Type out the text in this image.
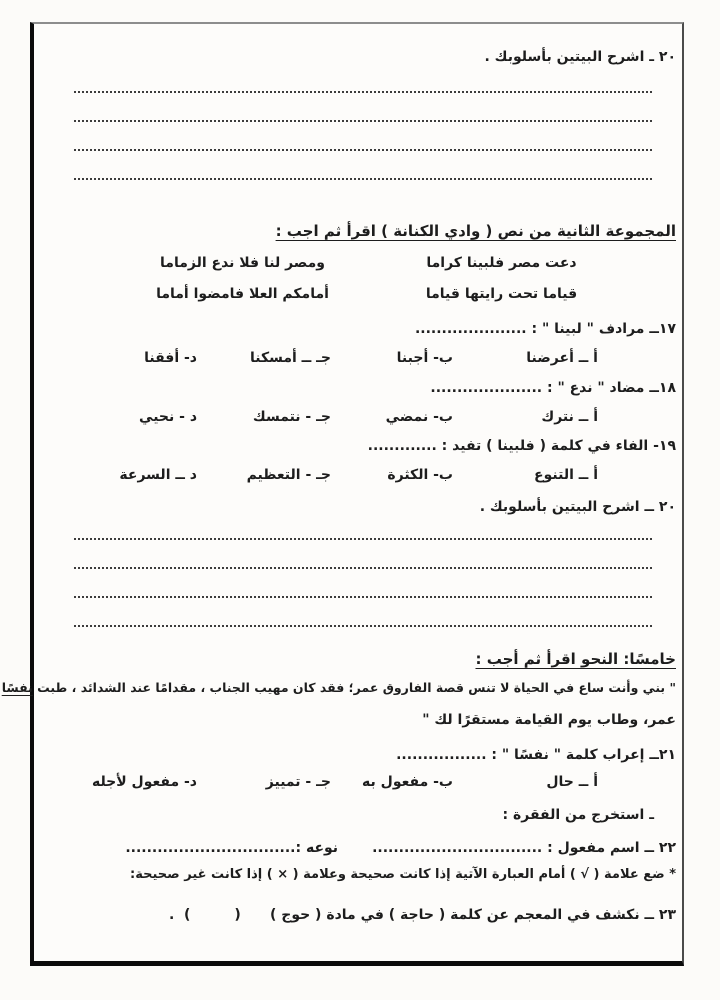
٢٠ ـ اشرح البيتين بأسلوبك .
المجموعة الثانية من نص ( وادي الكنانة ) اقرأ ثم اجب :
دعت مصر فلبينا كراما
ومصر لنا فلا ندع الزماما
قياما تحت رايتها قياما
أمامكم العلا فامضوا أماما
١٧ــ مرادف " لبينا " : .....................
أ ــ أعرضنا
ب- أجبنا
جـ ــ أمسكنا
د- أفقنا
١٨ــ مضاد " ندع " : .....................
أ ــ نترك
ب- نمضي
جـ - نتمسك
د - نحيي
١٩- الفاء في كلمة ( فلبينا ) تفيد : .............
أ ــ التنوع
ب- الكثرة
جـ - التعظيم
د ــ السرعة
٢٠ ــ اشرح البيتين بأسلوبك .
خامسًا: النحو اقرأ ثم أجب :
" بني وأنت ساع في الحياة لا تنس قصة الفاروق عمر؛ فقد كان مهيب الجناب ، مقدامًا عند الشدائد ، طبت نفسًا
عمر، وطاب يوم القيامة مستقرًا لك "
٢١ــ إعراب كلمة " نفسًا " : .................
أ ــ حال
ب- مفعول به
جـ - تمييز
د- مفعول لأجله
ـ استخرج من الفقرة :
٢٢ ــ اسم مفعول : ................................
نوعه :................................
* ضع علامة ( √ ) أمام العبارة الآتية إذا كانت صحيحة وعلامة ( × ) إذا كانت غير صحيحة:
٢٣ ــ نكشف في المعجم عن كلمة ( حاجة ) في مادة ( حوج )      (         )  .
